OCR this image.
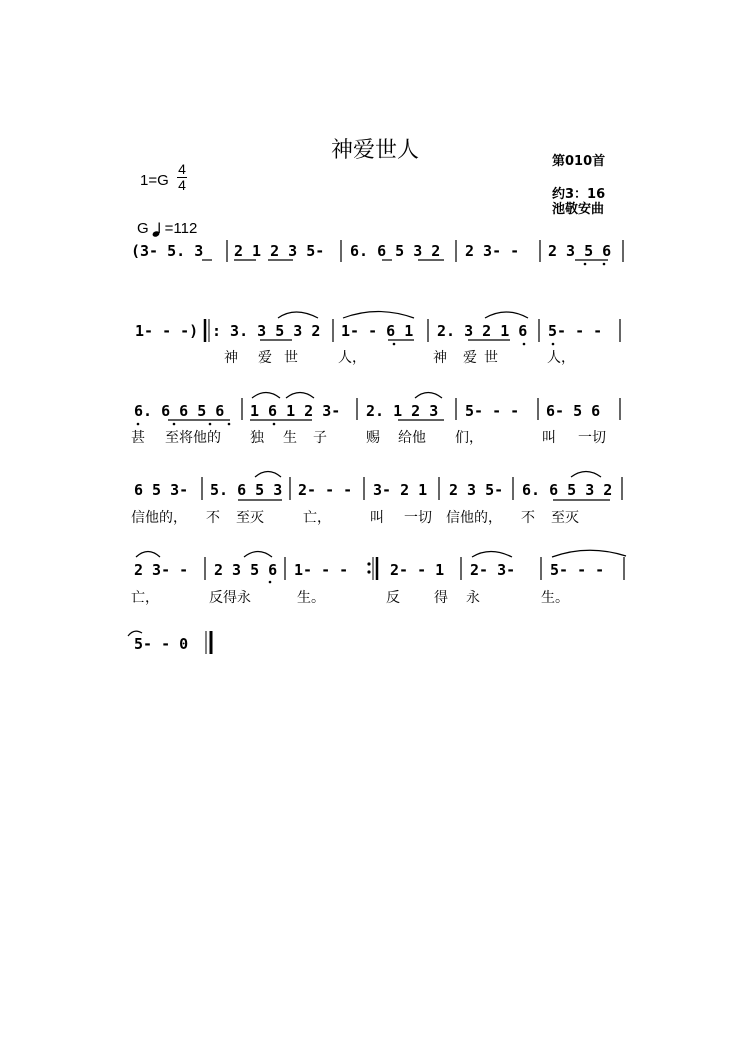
神爱世人	第010首
约3：16
池敬安曲
1=G
4
4
G =112
(3- 5. 3 2 1 2 3 5- 6. 6 5 3 2 2 3- - 2 3 5 6
1- - -) : 3. 3 5 3 2 1- - 6 1 2. 3 2 1 6 5- - -
神 爱 世	人，	神 爱 世	人，
6. 6 6 5 6 1 6 1 2 3- 2. 1 2 3 5- - - 6- 5 6
甚 至将他的 独 生 子	赐 给他 们，	叫 一切
6 5 3- 5. 6 5 3 2- - - 3- 2 1 2 3 5- 6. 6 5 3 2
信他的， 不 至灭	亡，	叫 一切 信他的， 不 至灭
2 3- - 2 3 5 6 1- - -	2- - 1 2- 3- 5- - -
亡，	反得永	生。	反 得 永	生。
5- - 0
